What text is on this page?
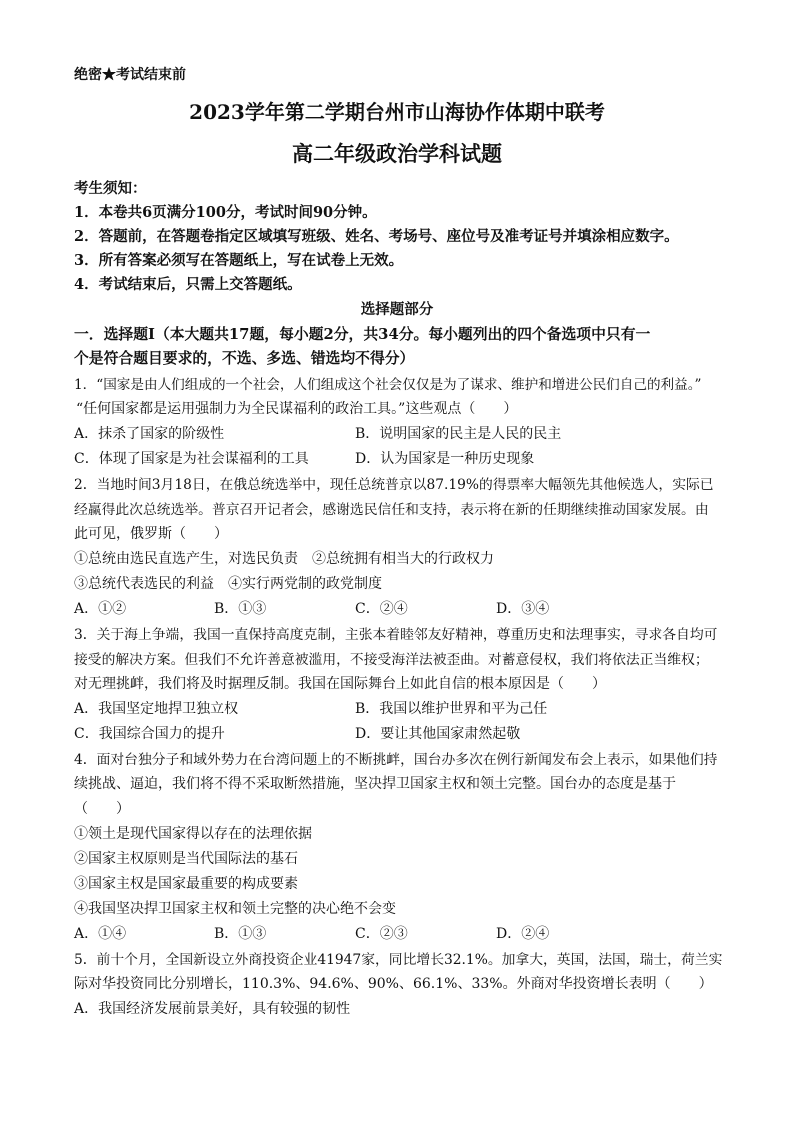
绝密★考试结束前
2023学年第二学期台州市山海协作体期中联考
高二年级政治学科试题
考生须知：
1．本卷共6页满分100分，考试时间90分钟。
2．答题前，在答题卷指定区域填写班级、姓名、考场号、座位号及准考证号并填涂相应数字。
3．所有答案必须写在答题纸上，写在试卷上无效。
4．考试结束后，只需上交答题纸。
选择题部分
一．选择题Ⅰ（本大题共17题，每小题2分，共34分。每小题列出的四个备选项中只有一
个是符合题目要求的，不选、多选、错选均不得分）
1．“国家是由人们组成的一个社会，人们组成这个社会仅仅是为了谋求、维护和增进公民们自己的利益。”
“任何国家都是运用强制力为全民谋福利的政治工具。”这些观点（　　）
A．抹杀了国家的阶级性	B．说明国家的民主是人民的民主
C．体现了国家是为社会谋福利的工具	D．认为国家是一种历史现象
2．当地时间3月18日，在俄总统选举中，现任总统普京以87.19%的得票率大幅领先其他候选人，实际已
经赢得此次总统选举。普京召开记者会，感谢选民信任和支持，表示将在新的任期继续推动国家发展。由
此可见，俄罗斯（　　）
①总统由选民直选产生，对选民负责　②总统拥有相当大的行政权力
③总统代表选民的利益　④实行两党制的政党制度
A．①②	B．①③	C．②④	D．③④
3．关于海上争端，我国一直保持高度克制，主张本着睦邻友好精神，尊重历史和法理事实，寻求各自均可
接受的解决方案。但我们不允许善意被滥用，不接受海洋法被歪曲。对蓄意侵权，我们将依法正当维权；
对无理挑衅，我们将及时据理反制。我国在国际舞台上如此自信的根本原因是（　　）
A．我国坚定地捍卫独立权	B．我国以维护世界和平为己任
C．我国综合国力的提升	D．要让其他国家肃然起敬
4．面对台独分子和域外势力在台湾问题上的不断挑衅，国台办多次在例行新闻发布会上表示，如果他们持
续挑战、逼迫，我们将不得不采取断然措施，坚决捍卫国家主权和领土完整。国台办的态度是基于
（　　）
①领土是现代国家得以存在的法理依据
②国家主权原则是当代国际法的基石
③国家主权是国家最重要的构成要素
④我国坚决捍卫国家主权和领土完整的决心绝不会变
A．①④	B．①③	C．②③	D．②④
5．前十个月，全国新设立外商投资企业41947家，同比增长32.1%。加拿大，英国，法国，瑞士，荷兰实
际对华投资同比分别增长，110.3%、94.6%、90%、66.1%、33%。外商对华投资增长表明（　　）
A．我国经济发展前景美好，具有较强的韧性
